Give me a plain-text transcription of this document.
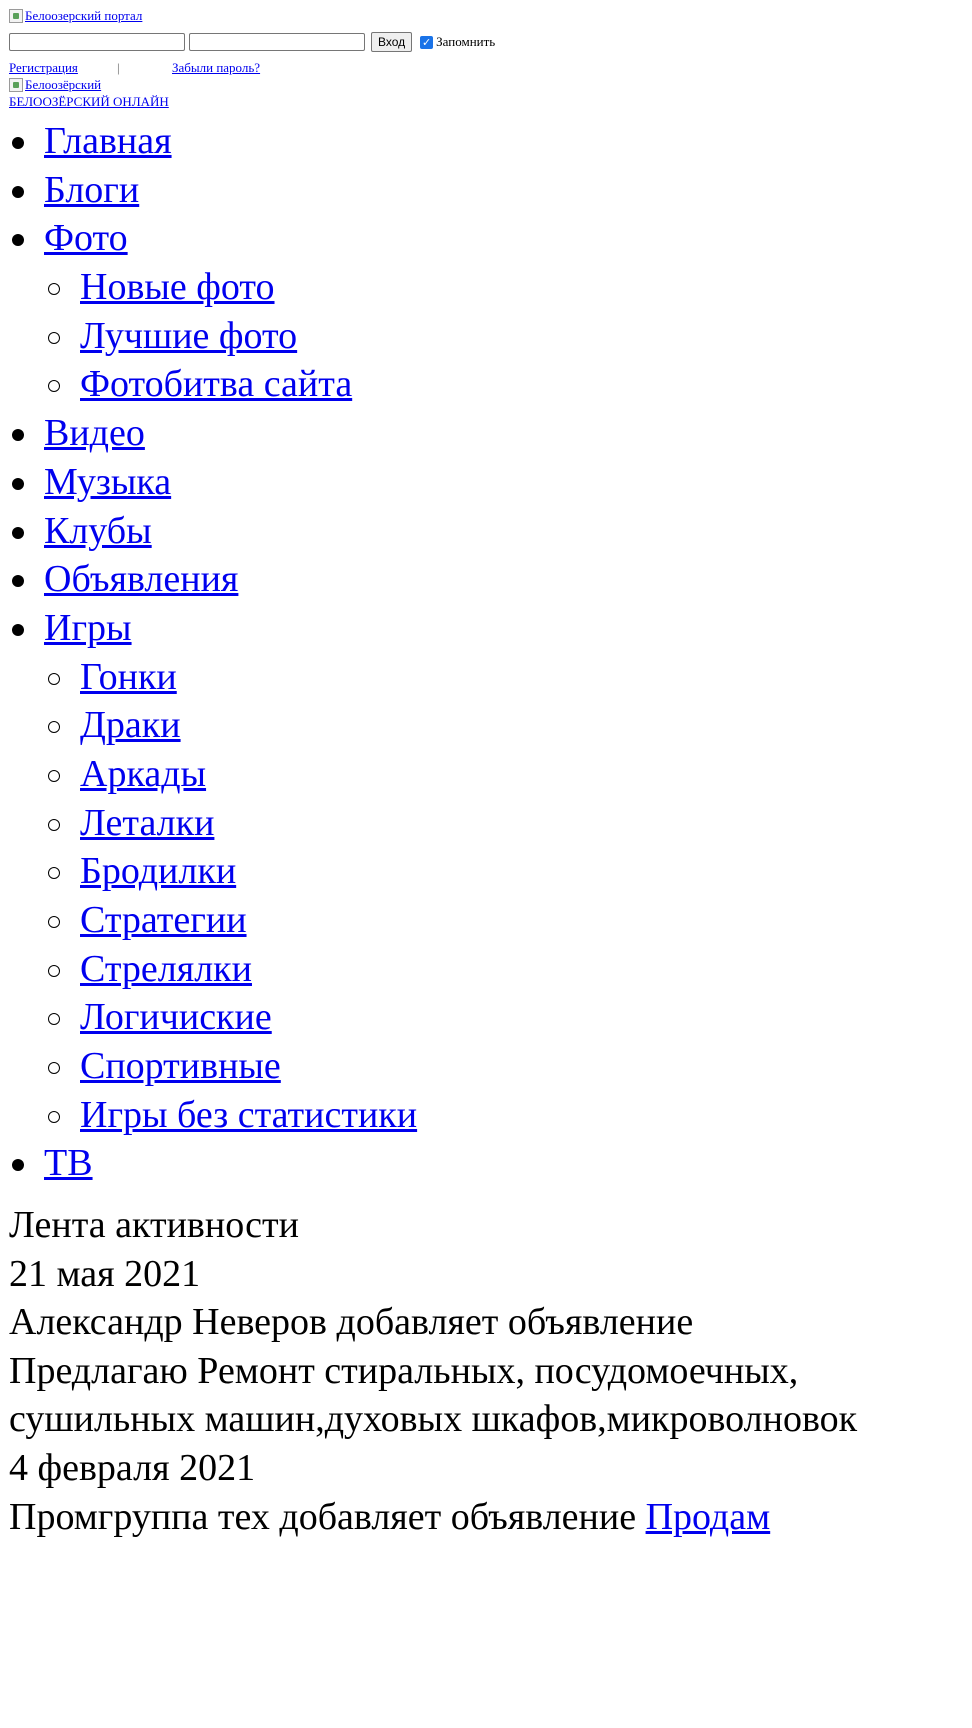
Белоозерский портал
Вход	✓ Запомнить
Регистрация	|	Забыли пароль?
Белоозёрский
БЕЛООЗЁРСКИЙ ОНЛАЙН
Главная
Блоги
Фото
Новые фото
Лучшие фото
Фотобитва сайта
Видео
Музыка
Клубы
Объявления
Игры
Гонки
Драки
Аркады
Леталки
Бродилки
Стратегии
Стрелялки
Логичиские
Спортивные
Игры без статистики
ТВ
Лента активности
21 мая 2021
Александр Неверов добавляет объявление
Предлагаю Ремонт стиральных, посудомоечных, сушильных машин,духовых шкафов,микроволновок
4 февраля 2021
Промгруппа тех добавляет объявление Продам
